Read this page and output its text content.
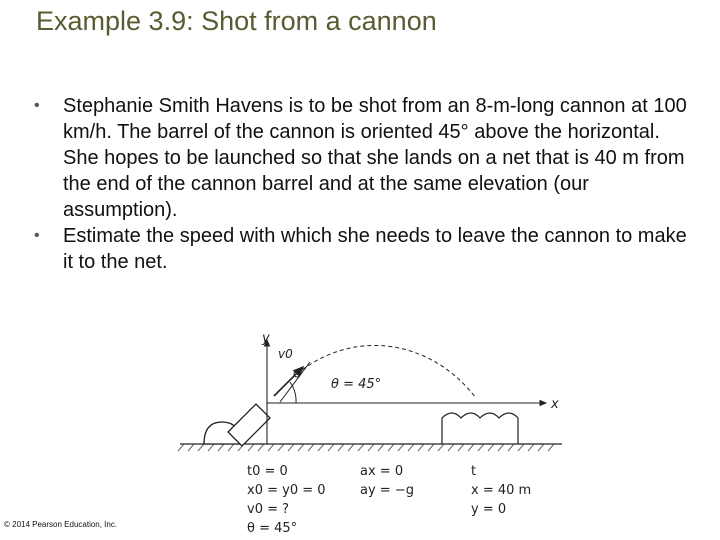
Example 3.9: Shot from a cannon
• Stephanie Smith Havens is to be shot from an 8-m-long cannon at 100 km/h. The barrel of the cannon is oriented 45° above the horizontal. She hopes to be launched so that she lands on a net that is 40 m from the end of the cannon barrel and at the same elevation (our assumption).
• Estimate the speed with which she needs to leave the cannon to make it to the net.
y
x
v0
θ = 45°
t0 = 0
x0 = y0 = 0
v0 = ?
θ = 45°
ax = 0
ay = −g
t
x = 40 m
y = 0
© 2014 Pearson Education, Inc.
